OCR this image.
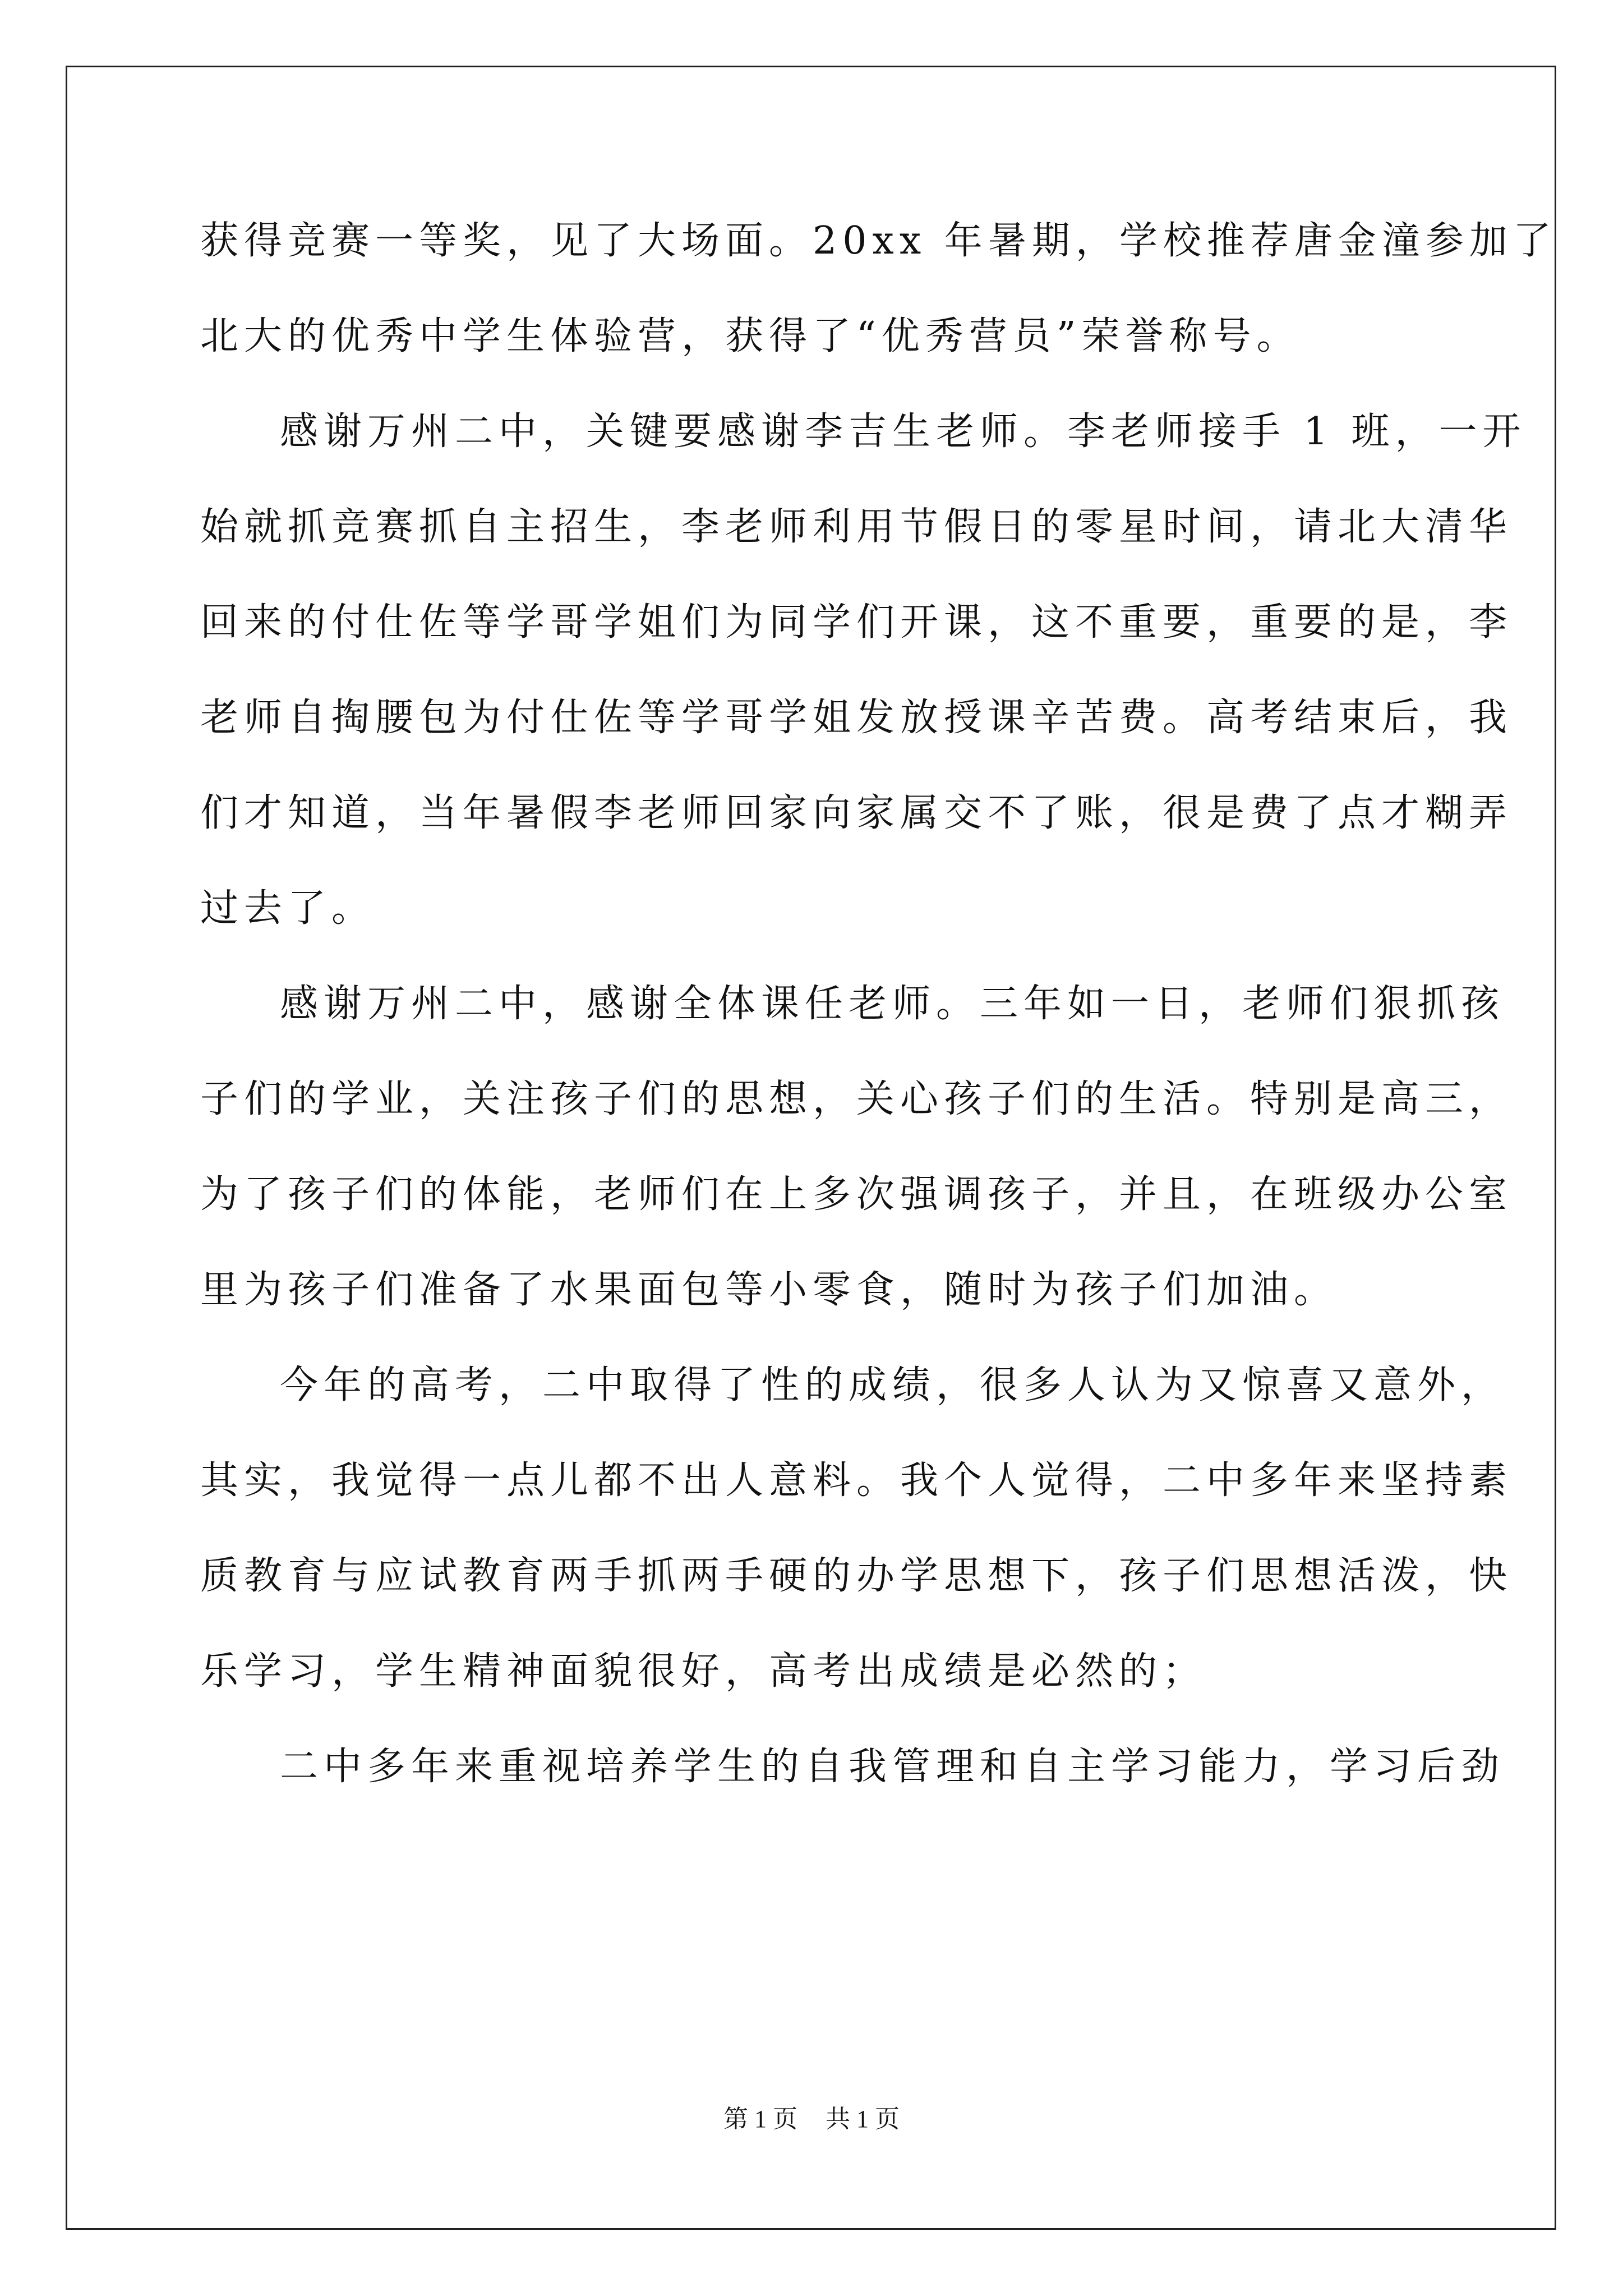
获得竞赛一等奖，见了大场面。20xx 年暑期，学校推荐唐金潼参加了
北大的优秀中学生体验营，获得了“优秀营员”荣誉称号。
感谢万州二中，关键要感谢李吉生老师。李老师接手 1 班，一开
始就抓竞赛抓自主招生，李老师利用节假日的零星时间，请北大清华
回来的付仕佐等学哥学姐们为同学们开课，这不重要，重要的是，李
老师自掏腰包为付仕佐等学哥学姐发放授课辛苦费。高考结束后，我
们才知道，当年暑假李老师回家向家属交不了账，很是费了点才糊弄
过去了。
感谢万州二中，感谢全体课任老师。三年如一日，老师们狠抓孩
子们的学业，关注孩子们的思想，关心孩子们的生活。特别是高三，
为了孩子们的体能，老师们在上多次强调孩子，并且，在班级办公室
里为孩子们准备了水果面包等小零食，随时为孩子们加油。
今年的高考，二中取得了性的成绩，很多人认为又惊喜又意外，
其实，我觉得一点儿都不出人意料。我个人觉得，二中多年来坚持素
质教育与应试教育两手抓两手硬的办学思想下，孩子们思想活泼，快
乐学习，学生精神面貌很好，高考出成绩是必然的；
二中多年来重视培养学生的自我管理和自主学习能力，学习后劲
第 1 页 共 1 页
